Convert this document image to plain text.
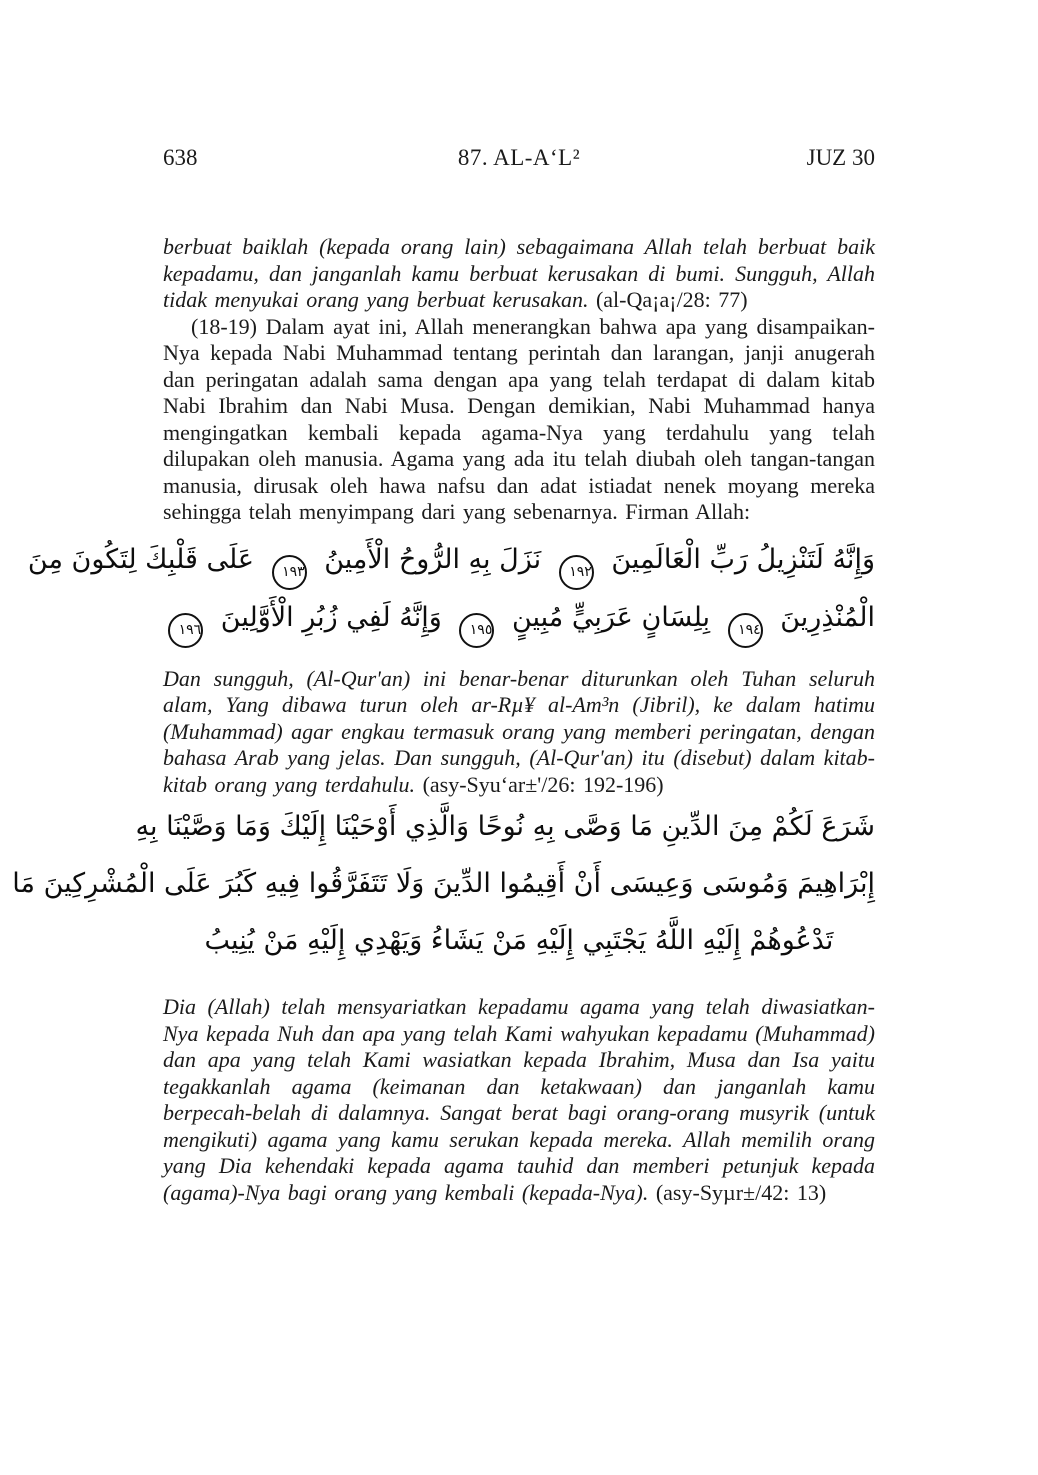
638	87. AL-A‘L²	JUZ 30

berbuat baiklah (kepada orang lain) sebagaimana Allah telah berbuat baik kepadamu, dan janganlah kamu berbuat kerusakan di bumi. Sungguh, Allah tidak menyukai orang yang berbuat kerusakan. (al-Qa¡a¡/28: 77)

(18-19) Dalam ayat ini, Allah menerangkan bahwa apa yang disampaikan-Nya kepada Nabi Muhammad tentang perintah dan larangan, janji anugerah dan peringatan adalah sama dengan apa yang telah terdapat di dalam kitab Nabi Ibrahim dan Nabi Musa. Dengan demikian, Nabi Muhammad hanya mengingatkan kembali kepada agama-Nya yang terdahulu yang telah dilupakan oleh manusia. Agama yang ada itu telah diubah oleh tangan-tangan manusia, dirusak oleh hawa nafsu dan adat istiadat nenek moyang mereka sehingga telah menyimpang dari yang sebenarnya. Firman Allah:

وَإِنَّهُ لَتَنْزِيلُ رَبِّ الْعَالَمِينَ ١٩٢ نَزَلَ بِهِ الرُّوحُ الْأَمِينُ ١٩٣ عَلَى قَلْبِكَ لِتَكُونَ مِنَ
الْمُنْذِرِينَ ١٩٤ بِلِسَانٍ عَرَبِيٍّ مُبِينٍ ١٩٥ وَإِنَّهُ لَفِي زُبُرِ الْأَوَّلِينَ ١٩٦

Dan sungguh, (Al-Qur'an) ini benar-benar diturunkan oleh Tuhan seluruh alam, Yang dibawa turun oleh ar-Rµ¥ al-Am³n (Jibril), ke dalam hatimu (Muhammad) agar engkau termasuk orang yang memberi peringatan, dengan bahasa Arab yang jelas. Dan sungguh, (Al-Qur'an) itu (disebut) dalam kitab-kitab orang yang terdahulu. (asy-Syu‘ar±'/26: 192-196)

شَرَعَ لَكُمْ مِنَ الدِّينِ مَا وَصَّى بِهِ نُوحًا وَالَّذِي أَوْحَيْنَا إِلَيْكَ وَمَا وَصَّيْنَا بِهِ
إِبْرَاهِيمَ وَمُوسَى وَعِيسَى أَنْ أَقِيمُوا الدِّينَ وَلَا تَتَفَرَّقُوا فِيهِ كَبُرَ عَلَى الْمُشْرِكِينَ مَا
تَدْعُوهُمْ إِلَيْهِ اللَّهُ يَجْتَبِي إِلَيْهِ مَنْ يَشَاءُ وَيَهْدِي إِلَيْهِ مَنْ يُنِيبُ

Dia (Allah) telah mensyariatkan kepadamu agama yang telah diwasiatkan-Nya kepada Nuh dan apa yang telah Kami wahyukan kepadamu (Muhammad) dan apa yang telah Kami wasiatkan kepada Ibrahim, Musa dan Isa yaitu tegakkanlah agama (keimanan dan ketakwaan) dan janganlah kamu berpecah-belah di dalamnya. Sangat berat bagi orang-orang musyrik (untuk mengikuti) agama yang kamu serukan kepada mereka. Allah memilih orang yang Dia kehendaki kepada agama tauhid dan memberi petunjuk kepada (agama)-Nya bagi orang yang kembali (kepada-Nya). (asy-Syµr±/42: 13)
